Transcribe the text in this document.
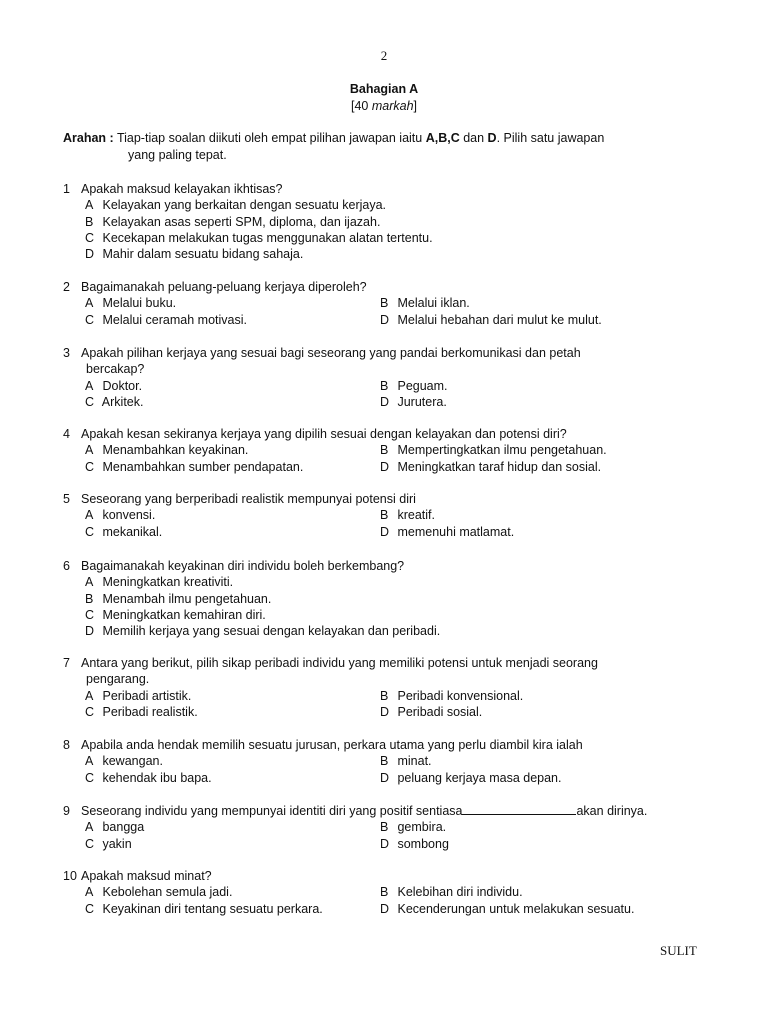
2
Bahagian A
[40 markah]
Arahan : Tiap-tiap soalan diikuti oleh empat pilihan jawapan iaitu A,B,C dan D. Pilih satu jawapan
yang paling tepat.
1 Apakah maksud kelayakan ikhtisas?
A Kelayakan yang berkaitan dengan sesuatu kerjaya.
B Kelayakan asas seperti SPM, diploma, dan ijazah.
C Kecekapan melakukan tugas menggunakan alatan tertentu.
D Mahir dalam sesuatu bidang sahaja.
2 Bagaimanakah peluang-peluang kerjaya diperoleh?
A Melalui buku.	B Melalui iklan.
C Melalui ceramah motivasi.	D Melalui hebahan dari mulut ke mulut.
3 Apakah pilihan kerjaya yang sesuai bagi seseorang yang pandai berkomunikasi dan petah
bercakap?
A Doktor.	B Peguam.
C Arkitek.	D Jurutera.
4 Apakah kesan sekiranya kerjaya yang dipilih sesuai dengan kelayakan dan potensi diri?
A Menambahkan keyakinan.	B Mempertingkatkan ilmu pengetahuan.
C Menambahkan sumber pendapatan.	D Meningkatkan taraf hidup dan sosial.
5 Seseorang yang berperibadi realistik mempunyai potensi diri
A konvensi.	B kreatif.
C mekanikal.	D memenuhi matlamat.
6 Bagaimanakah keyakinan diri individu boleh berkembang?
A Meningkatkan kreativiti.
B Menambah ilmu pengetahuan.
C Meningkatkan kemahiran diri.
D Memilih kerjaya yang sesuai dengan kelayakan dan peribadi.
7 Antara yang berikut, pilih sikap peribadi individu yang memiliki potensi untuk menjadi seorang
pengarang.
A Peribadi artistik.	B Peribadi konvensional.
C Peribadi realistik.	D Peribadi sosial.
8 Apabila anda hendak memilih sesuatu jurusan, perkara utama yang perlu diambil kira ialah
A kewangan.	B minat.
C kehendak ibu bapa.	D peluang kerjaya masa depan.
9 Seseorang individu yang mempunyai identiti diri yang positif sentiasa	akan dirinya.
A bangga	B gembira.
C yakin	D sombong
10 Apakah maksud minat?
A Kebolehan semula jadi.	B Kelebihan diri individu.
C Keyakinan diri tentang sesuatu perkara.	D Kecenderungan untuk melakukan sesuatu.
SULIT
